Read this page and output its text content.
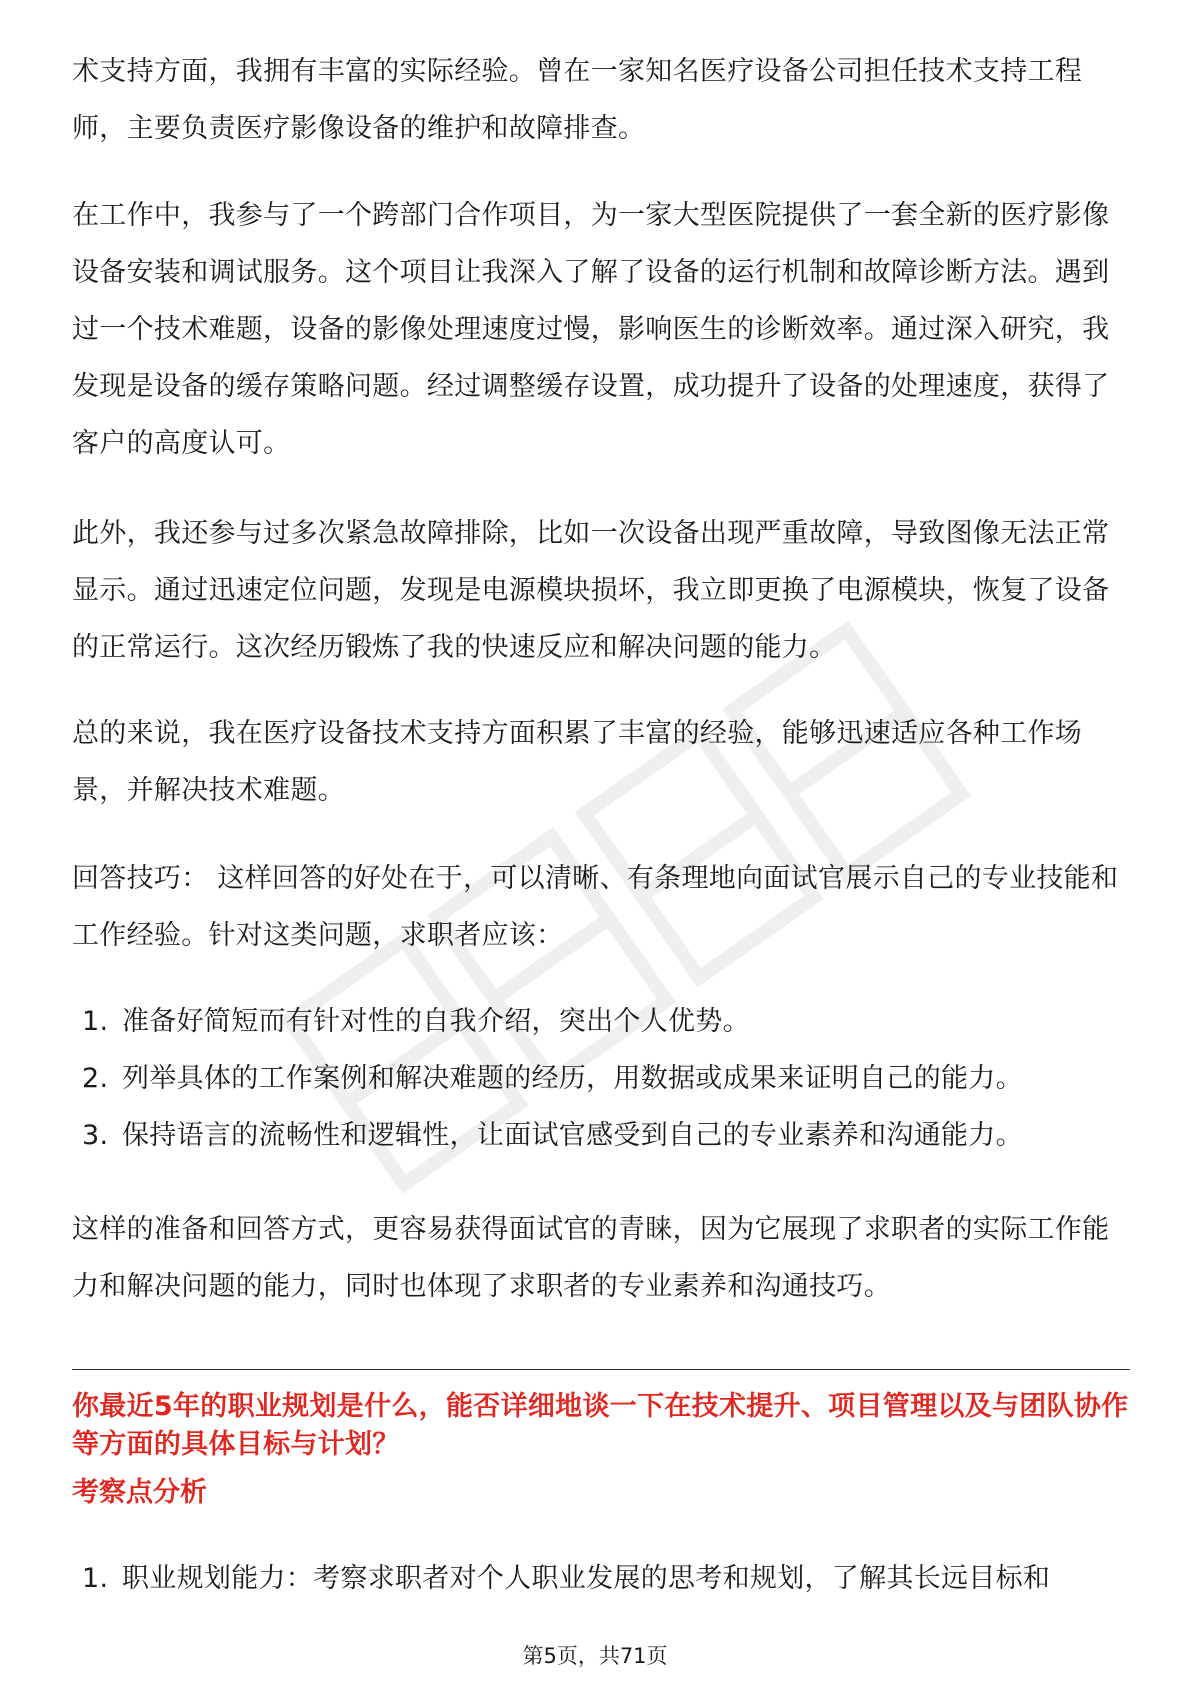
术支持方面，我拥有丰富的实际经验。曾在一家知名医疗设备公司担任技术支持工程师，主要负责医疗影像设备的维护和故障排查。

在工作中，我参与了一个跨部门合作项目，为一家大型医院提供了一套全新的医疗影像设备安装和调试服务。这个项目让我深入了解了设备的运行机制和故障诊断方法。遇到过一个技术难题，设备的影像处理速度过慢，影响医生的诊断效率。通过深入研究，我发现是设备的缓存策略问题。经过调整缓存设置，成功提升了设备的处理速度，获得了客户的高度认可。

此外，我还参与过多次紧急故障排除，比如一次设备出现严重故障，导致图像无法正常显示。通过迅速定位问题，发现是电源模块损坏，我立即更换了电源模块，恢复了设备的正常运行。这次经历锻炼了我的快速反应和解决问题的能力。

总的来说，我在医疗设备技术支持方面积累了丰富的经验，能够迅速适应各种工作场景，并解决技术难题。

回答技巧： 这样回答的好处在于，可以清晰、有条理地向面试官展示自己的专业技能和工作经验。针对这类问题，求职者应该：

1. 准备好简短而有针对性的自我介绍，突出个人优势。
2. 列举具体的工作案例和解决难题的经历，用数据或成果来证明自己的能力。
3. 保持语言的流畅性和逻辑性，让面试官感受到自己的专业素养和沟通能力。

这样的准备和回答方式，更容易获得面试官的青睐，因为它展现了求职者的实际工作能力和解决问题的能力，同时也体现了求职者的专业素养和沟通技巧。

你最近5年的职业规划是什么，能否详细地谈一下在技术提升、项目管理以及与团队协作等方面的具体目标与计划？

考察点分析

1. 职业规划能力：考察求职者对个人职业发展的思考和规划，了解其长远目标和
第5页，共71页
